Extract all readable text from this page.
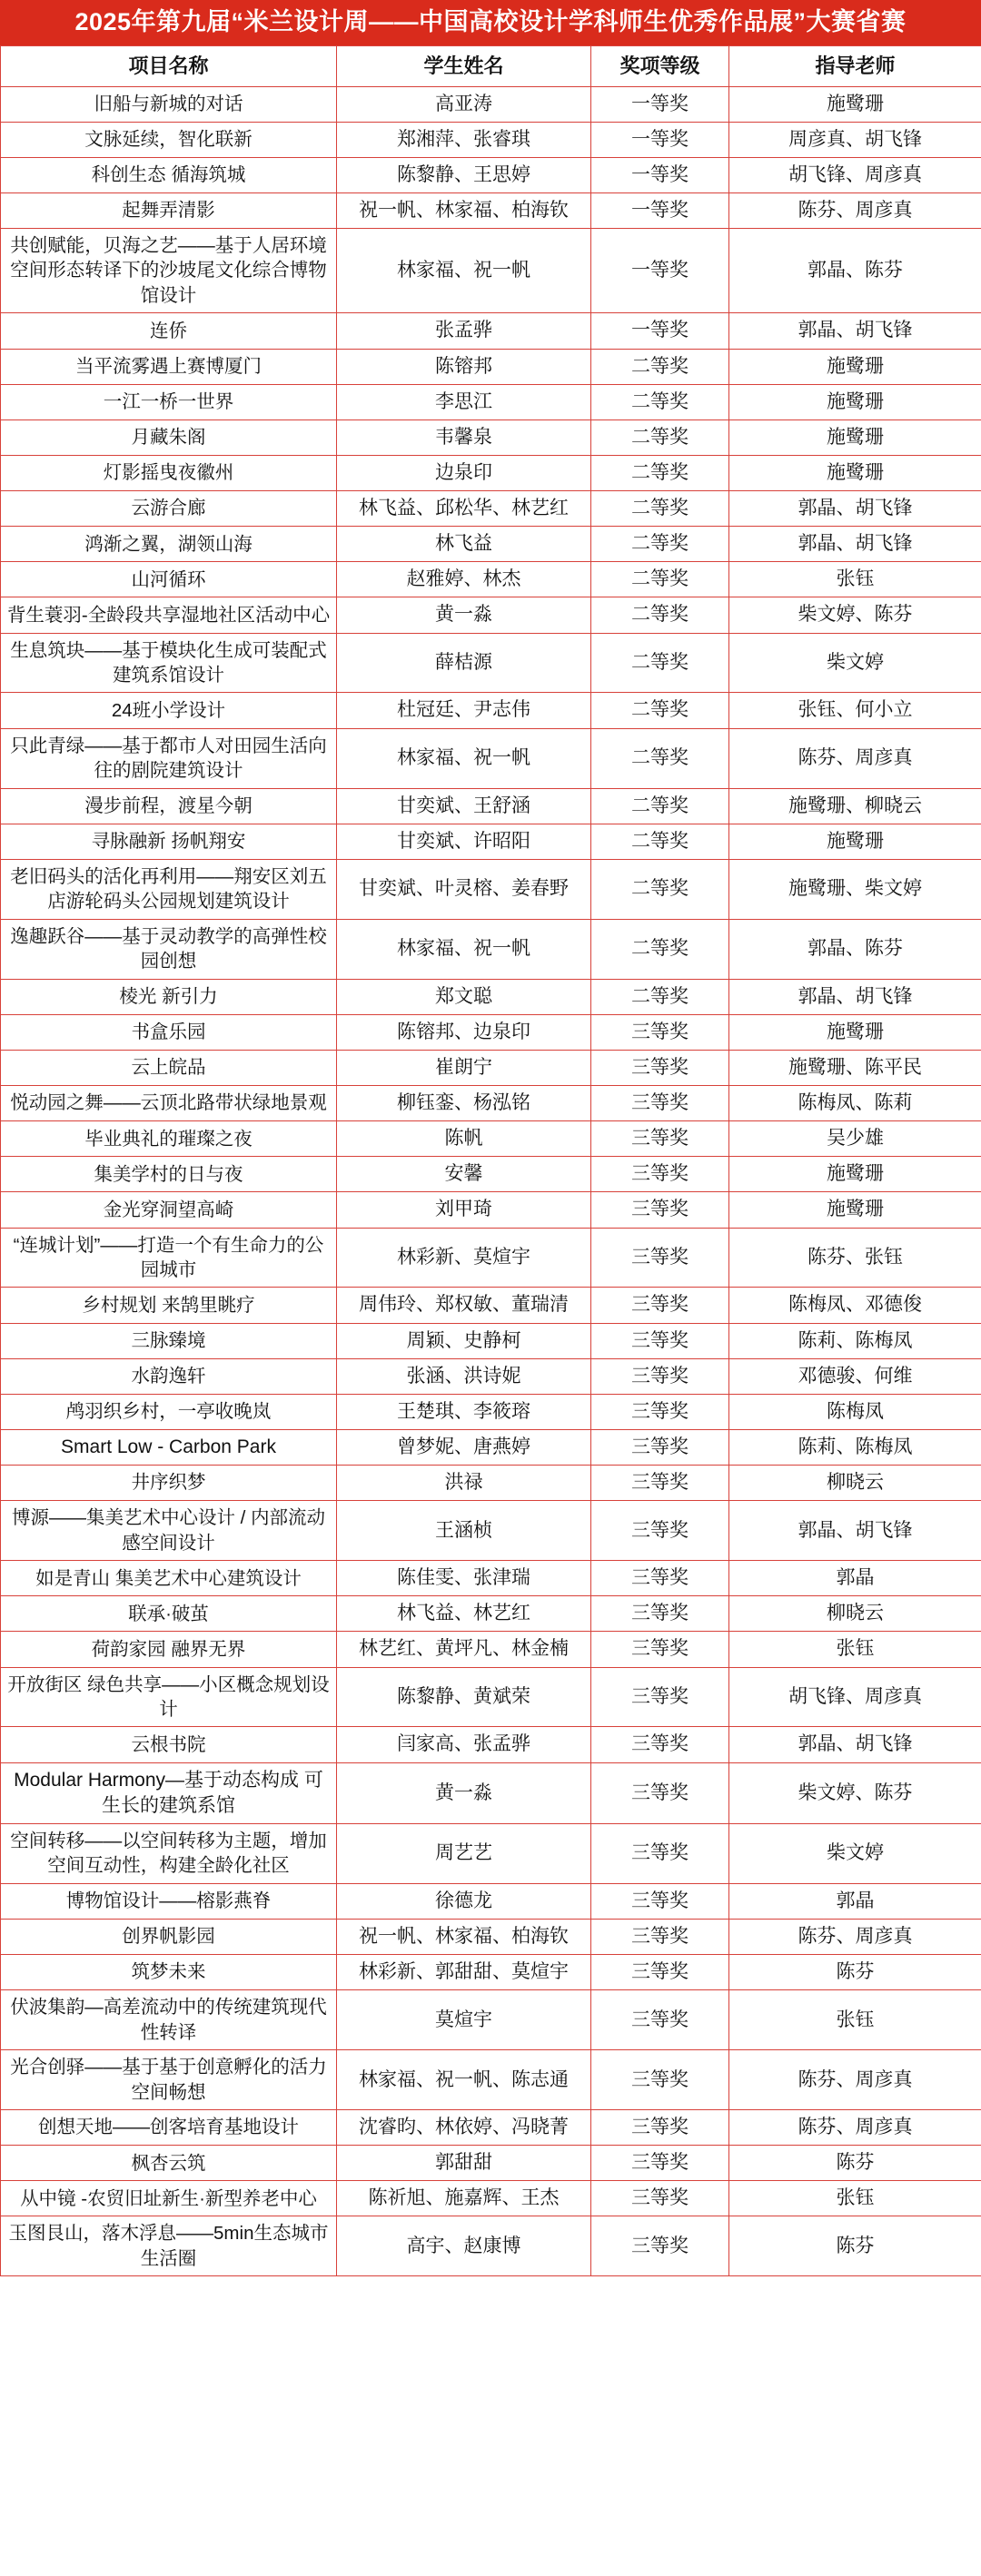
2025年第九届“米兰设计周——中国高校设计学科师生优秀作品展”大赛省赛
项目名称	学生姓名	奖项等级	指导老师
旧船与新城的对话	高亚涛	一等奖	施鹭珊
文脉延续，智化联新	郑湘萍、张睿琪	一等奖	周彦真、胡飞锋
科创生态 循海筑城	陈黎静、王思婷	一等奖	胡飞锋、周彦真
起舞弄清影	祝一帆、林家福、柏海钦	一等奖	陈芬、周彦真
共创赋能，贝海之艺——基于人居环境空间形态转译下的沙坡尾文化综合博物馆设计	林家福、祝一帆	一等奖	郭晶、陈芬
连侨	张孟骅	一等奖	郭晶、胡飞锋
当平流雾遇上赛博厦门	陈镕邦	二等奖	施鹭珊
一江一桥一世界	李思江	二等奖	施鹭珊
月藏朱阁	韦馨泉	二等奖	施鹭珊
灯影摇曳夜徽州	边泉印	二等奖	施鹭珊
云游合廊	林飞益、邱松华、林艺红	二等奖	郭晶、胡飞锋
鸿渐之翼，湖领山海	林飞益	二等奖	郭晶、胡飞锋
山河循环	赵雅婷、林杰	二等奖	张钰
背生蓑羽-全龄段共享湿地社区活动中心	黄一淼	二等奖	柴文婷、陈芬
生息筑块——基于模块化生成可装配式建筑系馆设计	薛桔源	二等奖	柴文婷
24班小学设计	杜冠廷、尹志伟	二等奖	张钰、何小立
只此青绿——基于都市人对田园生活向往的剧院建筑设计	林家福、祝一帆	二等奖	陈芬、周彦真
漫步前程，渡星今朝	甘奕斌、王舒涵	二等奖	施鹭珊、柳晓云
寻脉融新 扬帆翔安	甘奕斌、许昭阳	二等奖	施鹭珊
老旧码头的活化再利用——翔安区刘五店游轮码头公园规划建筑设计	甘奕斌、叶灵榕、姜春野	二等奖	施鹭珊、柴文婷
逸趣跃谷——基于灵动教学的高弹性校园创想	林家福、祝一帆	二等奖	郭晶、陈芬
棱光 新引力	郑文聪	二等奖	郭晶、胡飞锋
书盒乐园	陈镕邦、边泉印	三等奖	施鹭珊
云上皖品	崔朗宁	三等奖	施鹭珊、陈平民
悦动园之舞——云顶北路带状绿地景观	柳钰銮、杨泓铭	三等奖	陈梅凤、陈莉
毕业典礼的璀璨之夜	陈帆	三等奖	吴少雄
集美学村的日与夜	安馨	三等奖	施鹭珊
金光穿洞望高崎	刘甲琦	三等奖	施鹭珊
“连城计划”——打造一个有生命力的公园城市	林彩新、莫煊宇	三等奖	陈芬、张钰
乡村规划 来鹄里眺疗	周伟玲、郑权敏、董瑞清	三等奖	陈梅凤、邓德俊
三脉臻境	周颖、史静柯	三等奖	陈莉、陈梅凤
水韵逸轩	张涵、洪诗妮	三等奖	邓德骏、何维
鸬羽织乡村，一亭收晚岚	王楚琪、李筱瑢	三等奖	陈梅凤
Smart Low - Carbon Park	曾梦妮、唐燕婷	三等奖	陈莉、陈梅凤
井序织梦	洪禄	三等奖	柳晓云
博源——集美艺术中心设计 / 内部流动感空间设计	王涵桢	三等奖	郭晶、胡飞锋
如是青山 集美艺术中心建筑设计	陈佳雯、张津瑞	三等奖	郭晶
联承·破茧	林飞益、林艺红	三等奖	柳晓云
荷韵家园 融界无界	林艺红、黄坪凡、林金楠	三等奖	张钰
开放街区 绿色共享——小区概念规划设计	陈黎静、黄斌荣	三等奖	胡飞锋、周彦真
云根书院	闫家高、张孟骅	三等奖	郭晶、胡飞锋
Modular Harmony—基于动态构成 可生长的建筑系馆	黄一淼	三等奖	柴文婷、陈芬
空间转移——以空间转移为主题，增加空间互动性，构建全龄化社区	周艺艺	三等奖	柴文婷
博物馆设计——榕影燕脊	徐德龙	三等奖	郭晶
创界帆影园	祝一帆、林家福、柏海钦	三等奖	陈芬、周彦真
筑梦未来	林彩新、郭甜甜、莫煊宇	三等奖	陈芬
伏波集韵—高差流动中的传统建筑现代性转译	莫煊宇	三等奖	张钰
光合创驿——基于基于创意孵化的活力空间畅想	林家福、祝一帆、陈志通	三等奖	陈芬、周彦真
创想天地——创客培育基地设计	沈睿昀、林依婷、冯晓菁	三等奖	陈芬、周彦真
枫杏云筑	郭甜甜	三等奖	陈芬
从中镜 -农贸旧址新生·新型养老中心	陈祈旭、施嘉辉、王杰	三等奖	张钰
玉图艮山，落木浮息——5min生态城市生活圈	高宇、赵康博	三等奖	陈芬
